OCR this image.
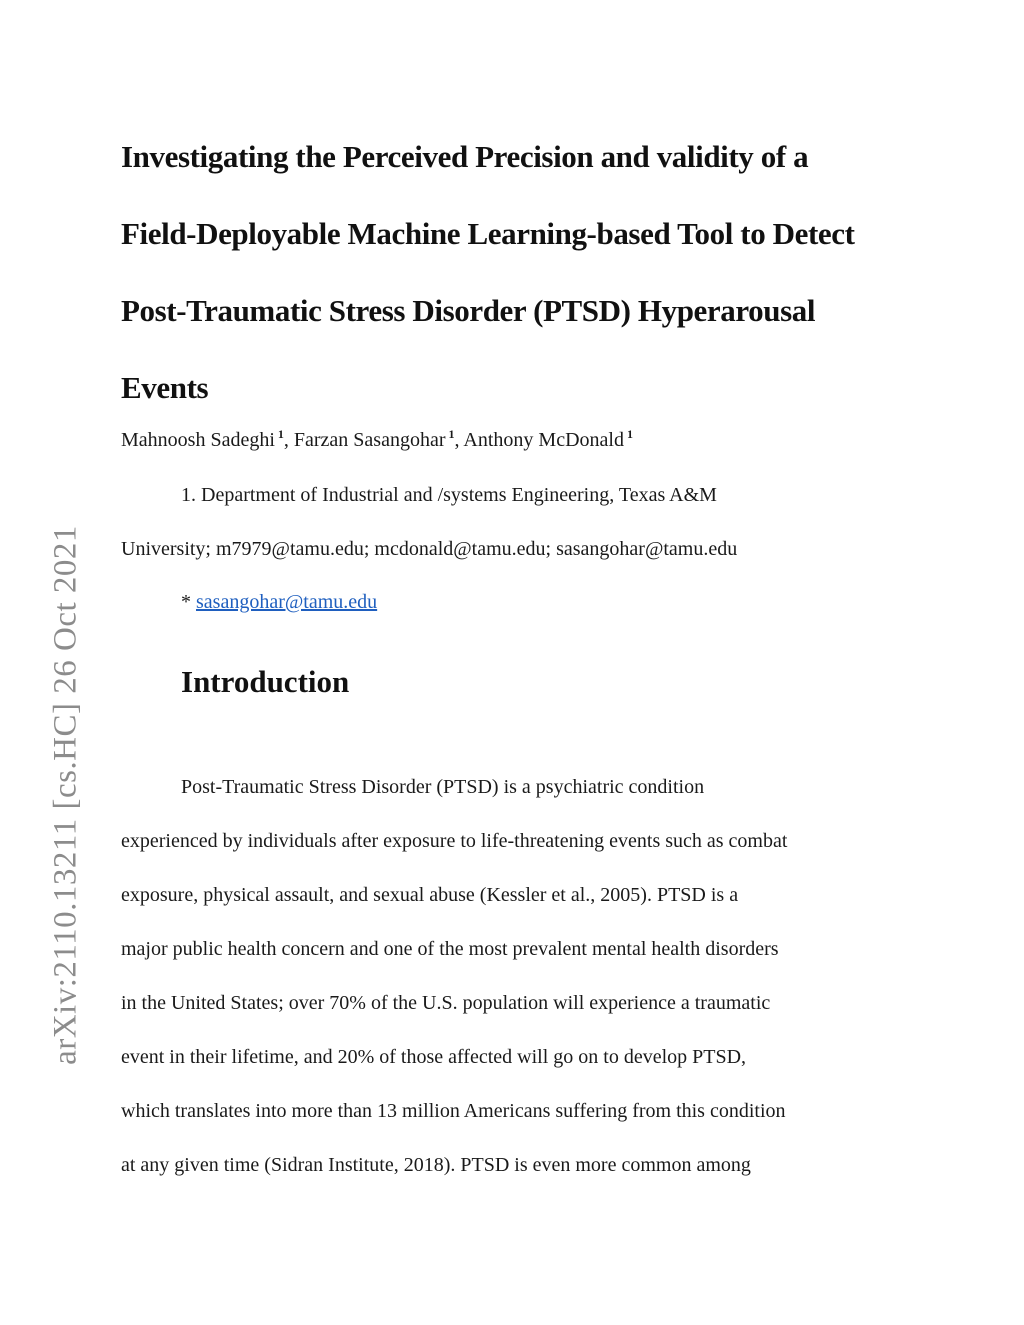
arXiv:2110.13211 [cs.HC] 26 Oct 2021
Investigating the Perceived Precision and validity of a
Field-Deployable Machine Learning-based Tool to Detect
Post-Traumatic Stress Disorder (PTSD) Hyperarousal
Events
Mahnoosh Sadeghi $^1$, Farzan Sasangohar $^1$, Anthony McDonald $^1$
1. Department of Industrial and /systems Engineering, Texas A&M
University; m7979@tamu.edu; mcdonald@tamu.edu; sasangohar@tamu.edu
* sasangohar@tamu.edu
Introduction
Post-Traumatic Stress Disorder (PTSD) is a psychiatric condition
experienced by individuals after exposure to life-threatening events such as combat
exposure, physical assault, and sexual abuse (Kessler et al., 2005). PTSD is a
major public health concern and one of the most prevalent mental health disorders
in the United States; over 70% of the U.S. population will experience a traumatic
event in their lifetime, and 20% of those affected will go on to develop PTSD,
which translates into more than 13 million Americans suffering from this condition
at any given time (Sidran Institute, 2018). PTSD is even more common among
